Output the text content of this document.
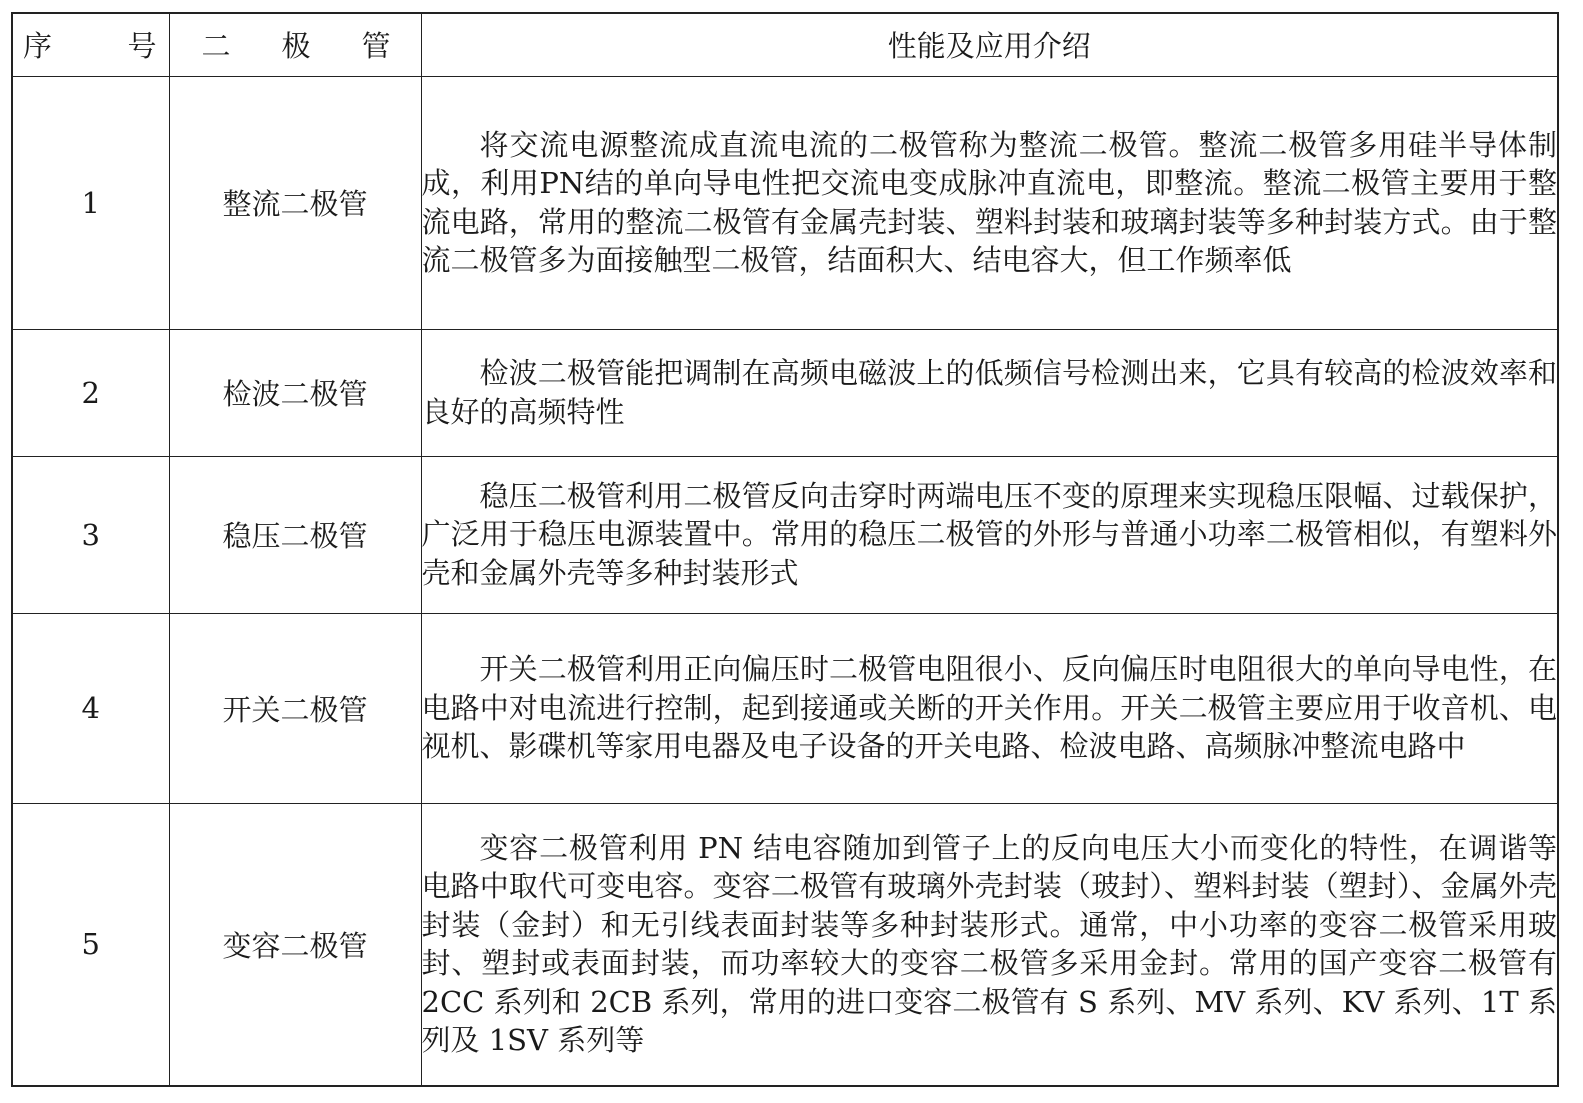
序 号	二 极 管	性能及应用介绍
1	整流二极管	将交流电源整流成直流电流的二极管称为整流二极管。整流二极管多用硅半导体制成，利用PN结的单向导电性把交流电变成脉冲直流电，即整流。整流二极管主要用于整流电路，常用的整流二极管有金属壳封装、塑料封装和玻璃封装等多种封装方式。由于整流二极管多为面接触型二极管，结面积大、结电容大，但工作频率低

2	检波二极管	检波二极管能把调制在高频电磁波上的低频信号检测出来，它具有较高的检波效率和良好的高频特性

3	稳压二极管	稳压二极管利用二极管反向击穿时两端电压不变的原理来实现稳压限幅、过载保护，广泛用于稳压电源装置中。常用的稳压二极管的外形与普通小功率二极管相似，有塑料外壳和金属外壳等多种封装形式

4	开关二极管	开关二极管利用正向偏压时二极管电阻很小、反向偏压时电阻很大的单向导电性，在电路中对电流进行控制，起到接通或关断的开关作用。开关二极管主要应用于收音机、电视机、影碟机等家用电器及电子设备的开关电路、检波电路、高频脉冲整流电路中

5	变容二极管	变容二极管利用 PN 结电容随加到管子上的反向电压大小而变化的特性，在调谐等电路中取代可变电容。变容二极管有玻璃外壳封装（玻封）、塑料封装（塑封）、金属外壳封装（金封）和无引线表面封装等多种封装形式。通常，中小功率的变容二极管采用玻封、塑封或表面封装，而功率较大的变容二极管多采用金封。常用的国产变容二极管有 2CC 系列和 2CB 系列，常用的进口变容二极管有 S 系列、MV 系列、KV 系列、1T 系列及 1SV 系列等
